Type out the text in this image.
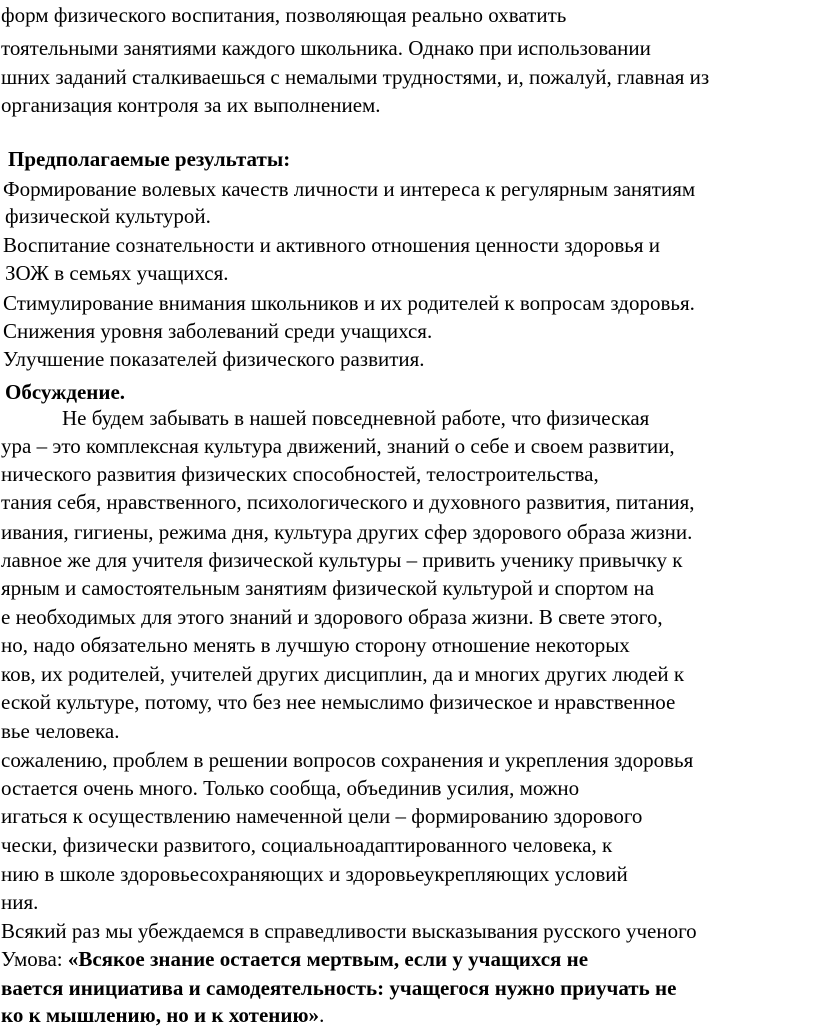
форм физического воспитания, позволяющая реально охватить
тоятельными занятиями каждого школьника. Однако при использовании
шних заданий сталкиваешься с немалыми трудностями, и, пожалуй, главная из
организация контроля за их выполнением.
Предполагаемые результаты:
Формирование волевых качеств личности и интереса к регулярным занятиям
физической культурой.
Воспитание сознательности и активного отношения ценности здоровья и
ЗОЖ в семьях учащихся.
Стимулирование внимания школьников и их родителей к вопросам здоровья.
Снижения уровня заболеваний среди учащихся.
Улучшение показателей физического развития.
Обсуждение.
Не будем забывать в нашей повседневной работе, что физическая
ура – это комплексная культура движений, знаний о себе и своем развитии,
нического развития физических способностей, телостроительства,
тания себя, нравственного, психологического и духовного развития, питания,
ивания, гигиены, режима дня, культура других сфер здорового образа жизни.
лавное же для учителя физической культуры – привить ученику привычку к
ярным и самостоятельным занятиям физической культурой и спортом на
е необходимых для этого знаний и здорового образа жизни. В свете этого,
но, надо обязательно менять в лучшую сторону отношение некоторых
ков, их родителей, учителей других дисциплин, да и многих других людей к
еской культуре, потому, что без нее немыслимо физическое и нравственное
вье человека.
сожалению, проблем в решении вопросов сохранения и укрепления здоровья
остается очень много. Только сообща, объединив усилия, можно
игаться к осуществлению намеченной цели – формированию здорового
чески, физически развитого, социальноадаптированного человека, к
нию в школе здоровьесохраняющих и здоровьеукрепляющих условий
ния.
Всякий раз мы убеждаемся в справедливости высказывания русского ученого
Умова: «Всякое знание остается мертвым, если у учащихся не
вается инициатива и самодеятельность: учащегося нужно приучать не
ко к мышлению, но и к хотению».
